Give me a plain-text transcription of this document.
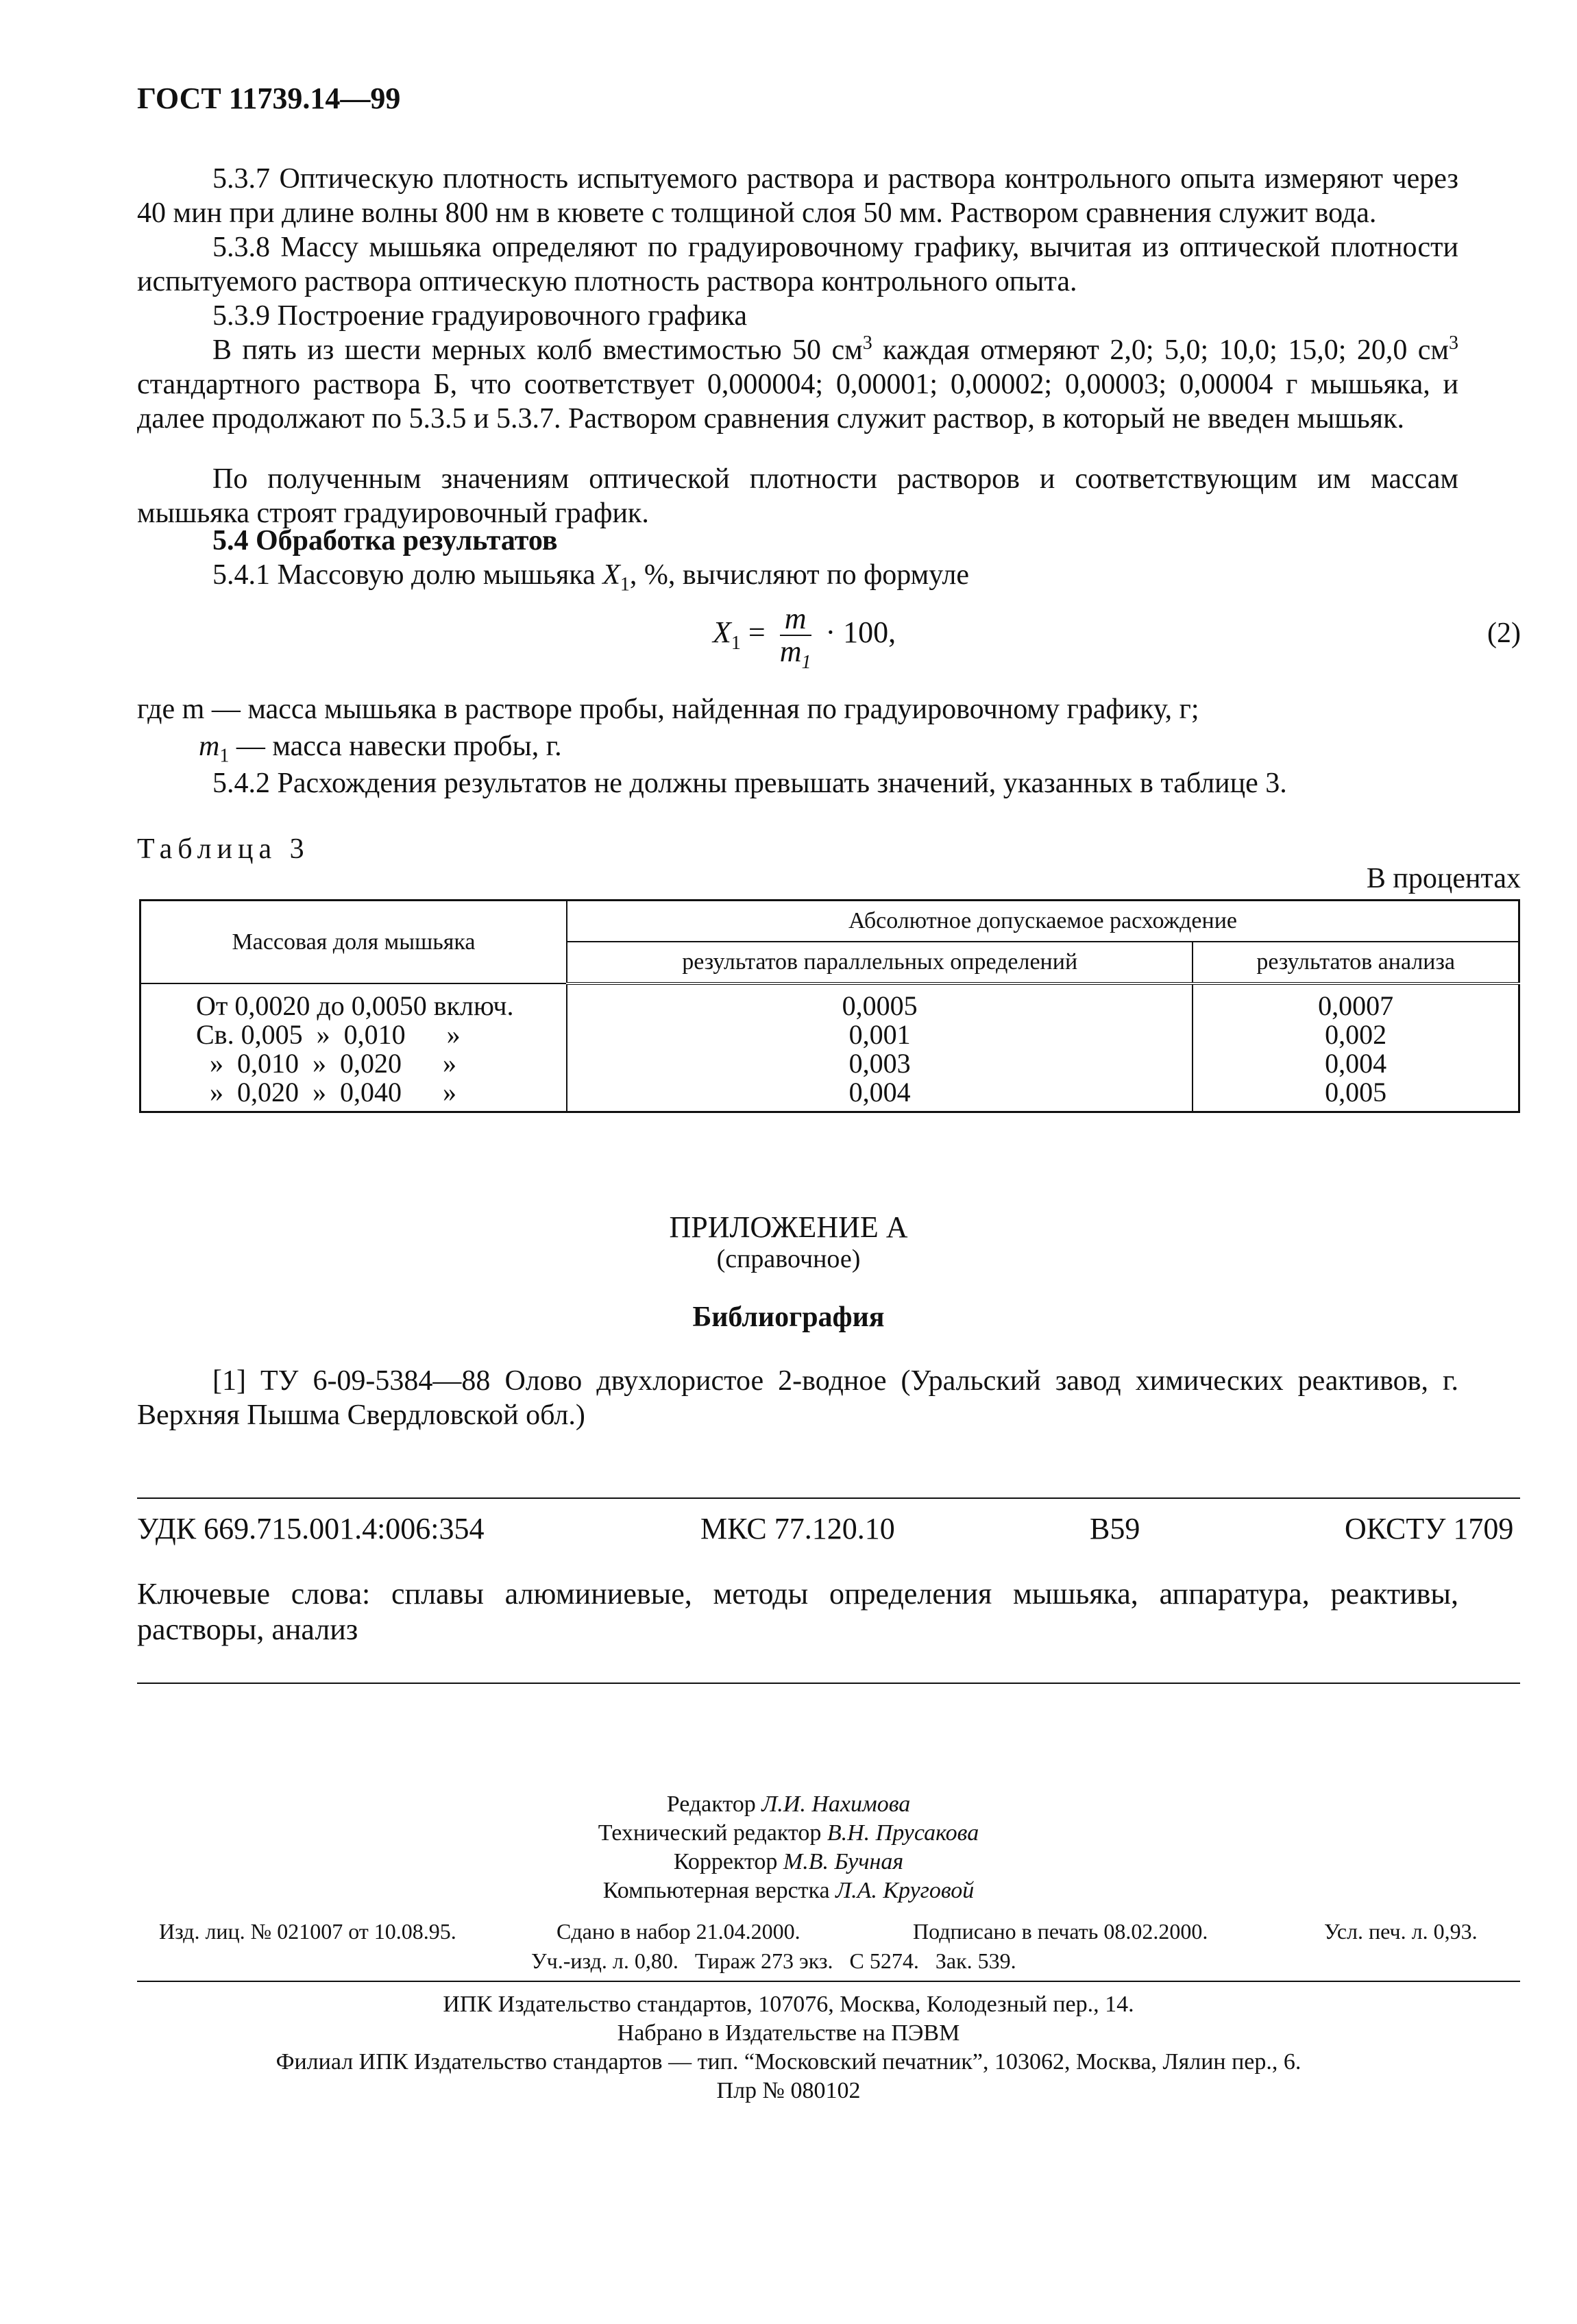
ГОСТ 11739.14—99

5.3.7 Оптическую плотность испытуемого раствора и раствора контрольного опыта измеряют через 40 мин при длине волны 800 нм в кювете с толщиной слоя 50 мм. Раствором сравнения служит вода.

5.3.8 Массу мышьяка определяют по градуировочному графику, вычитая из оптической плотности испытуемого раствора оптическую плотность раствора контрольного опыта.

5.3.9 Построение градуировочного графика

В пять из шести мерных колб вместимостью 50 $см^3$ каждая отмеряют 2,0; 5,0; 10,0; 15,0; 20,0 $см^3$ стандартного раствора Б, что соответствует 0,000004; 0,00001; 0,00002; 0,00003; 0,00004 г мышьяка, и далее продолжают по 5.3.5 и 5.3.7. Раствором сравнения служит раствор, в который не введен мышьяк.

По полученным значениям оптической плотности растворов и соответствующим им массам мышьяка строят градуировочный график.

5.4 Обработка результатов

5.4.1 Массовую долю мышьяка $X_1$, %, вычисляют по формуле

$X_1 = \frac{m}{m_1} \cdot 100$,	(2)

где m — масса мышьяка в растворе пробы, найденная по градуировочному графику, г;

$m_1$ — масса навески пробы, г.

5.4.2 Расхождения результатов не должны превышать значений, указанных в таблице 3.

Таблица 3
В процентах
Массовая доля мышьяка	Абсолютное допускаемое расхождение	
	результатов параллельных определений	результатов анализа
От 0,0020 до 0,0050 включ.	0,0005	0,0007
Св. 0,005  »  0,010      »	0,001	0,002
»  0,010  »  0,020      »	0,003	0,004
»  0,020  »  0,040      »	0,004	0,005
ПРИЛОЖЕНИЕ А
(справочное)
Библиография

[1] ТУ 6-09-5384—88 Олово двухлористое 2-водное (Уральский завод химических реактивов, г. Верхняя Пышма Свердловской обл.)

УДК 669.715.001.4:006:354	МКС 77.120.10	В59	ОКСТУ 1709

Ключевые слова: сплавы алюминиевые, методы определения мышьяка, аппаратура, реактивы, растворы, анализ

Редактор Л.И. Нахимова
Технический редактор В.Н. Прусакова
Корректор М.В. Бучная
Компьютерная верстка Л.А. Круговой
Изд. лиц. № 021007 от 10.08.95.	Сдано в набор 21.04.2000.	Подписано в печать 08.02.2000.	Усл. печ. л. 0,93.
Уч.-изд. л. 0,80.   Тираж 273 экз.   С 5274.   Зак. 539.
ИПК Издательство стандартов, 107076, Москва, Колодезный пер., 14.
Набрано в Издательстве на ПЭВМ
Филиал ИПК Издательство стандартов — тип. “Московский печатник”, 103062, Москва, Лялин пер., 6.
Плр № 080102
